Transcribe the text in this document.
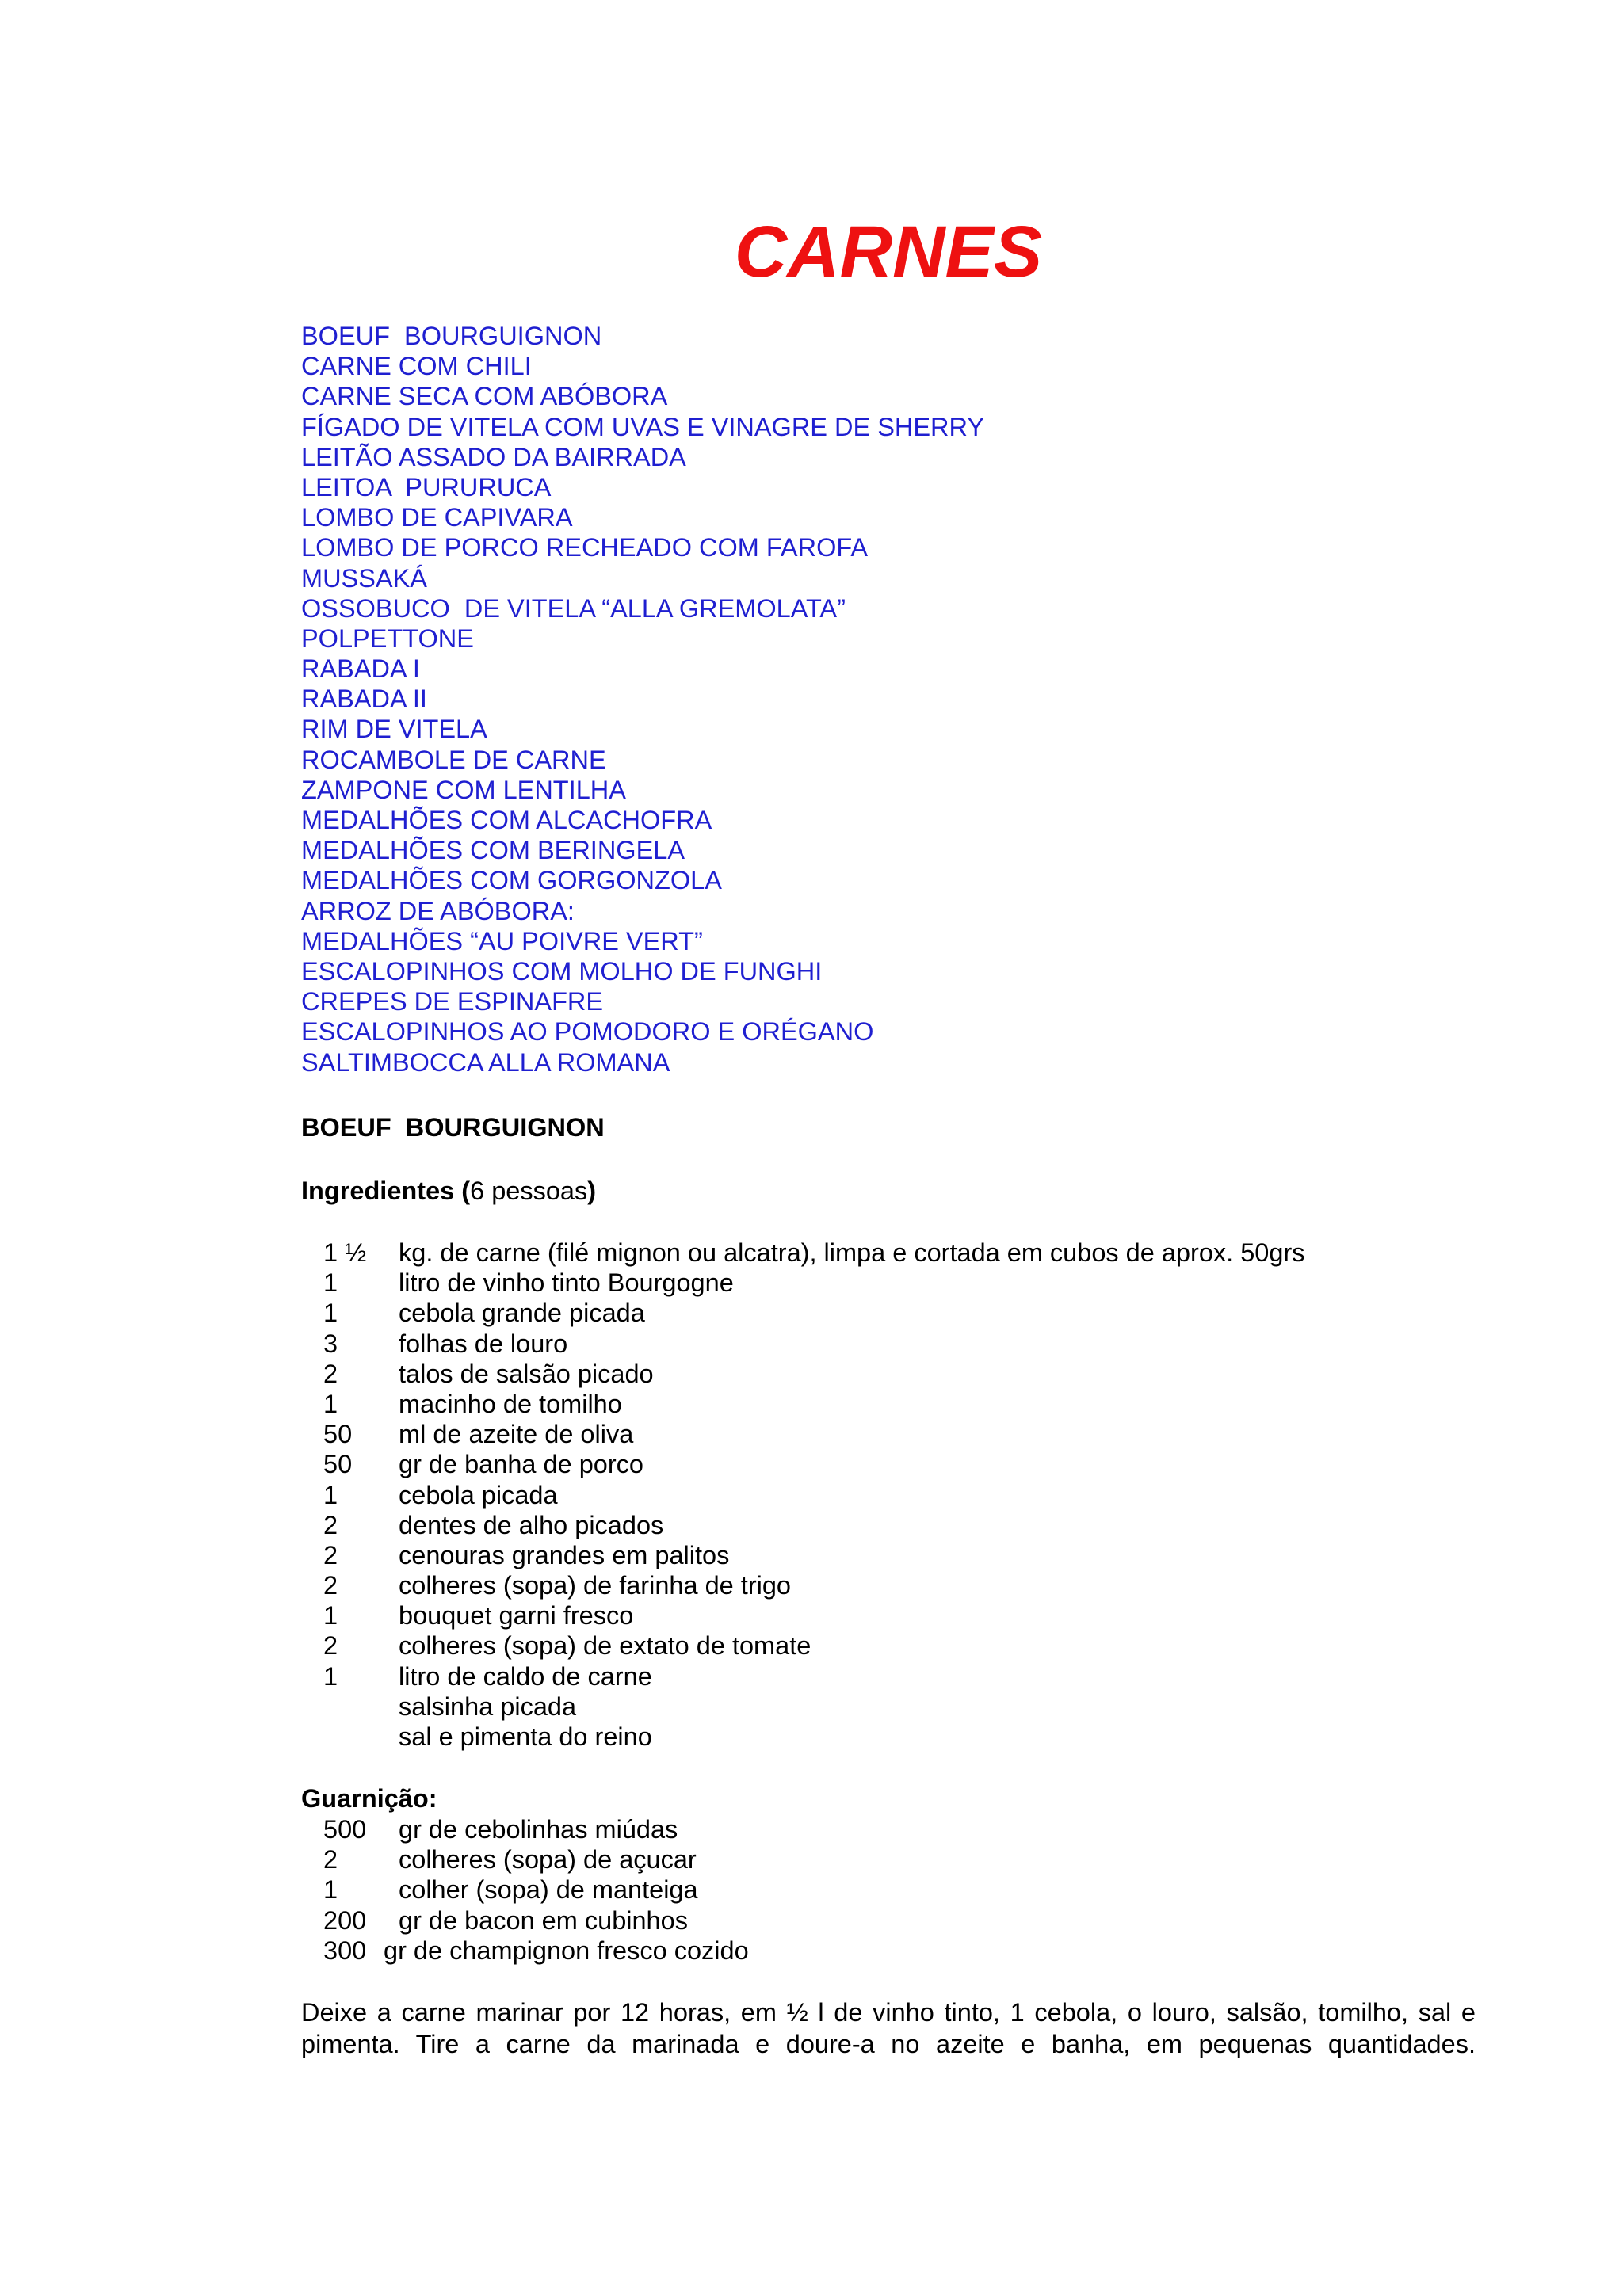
CARNES
BOEUF  BOURGUIGNON
CARNE COM CHILI
CARNE SECA COM ABÓBORA
FÍGADO DE VITELA COM UVAS E VINAGRE DE SHERRY
LEITÃO ASSADO DA BAIRRADA
LEITOA  PURURUCA
LOMBO DE CAPIVARA
LOMBO DE PORCO RECHEADO COM FAROFA
MUSSAKÁ
OSSOBUCO  DE VITELA “ALLA GREMOLATA”
POLPETTONE
RABADA I
RABADA II
RIM DE VITELA
ROCAMBOLE DE CARNE
ZAMPONE COM LENTILHA
MEDALHÕES COM ALCACHOFRA
MEDALHÕES COM BERINGELA
MEDALHÕES COM GORGONZOLA
ARROZ DE ABÓBORA:
MEDALHÕES “AU POIVRE VERT”
ESCALOPINHOS COM MOLHO DE FUNGHI
CREPES DE ESPINAFRE
ESCALOPINHOS AO POMODORO E ORÉGANO
SALTIMBOCCA ALLA ROMANA
BOEUF  BOURGUIGNON
Ingredientes (6 pessoas)
1 ½ kg. de carne (filé mignon ou alcatra), limpa e cortada em cubos de aprox. 50grs
1 litro de vinho tinto Bourgogne
1 cebola grande picada
3 folhas de louro
2 talos de salsão picado
1 macinho de tomilho
50 ml de azeite de oliva
50 gr de banha de porco
1 cebola picada
2 dentes de alho picados
2 cenouras grandes em palitos
2 colheres (sopa) de farinha de trigo
1 bouquet garni fresco
2 colheres (sopa) de extato de tomate
1 litro de caldo de carne
salsinha picada
sal e pimenta do reino
Guarnição:
500 gr de cebolinhas miúdas
2 colheres (sopa) de açucar
1 colher (sopa) de manteiga
200 gr de bacon em cubinhos
300 gr de champignon fresco cozido
Deixe a carne marinar por 12 horas, em ½ l de vinho tinto, 1 cebola, o louro, salsão, tomilho, sal e
pimenta. Tire a carne da marinada e doure-a no azeite e banha, em pequenas quantidades.
